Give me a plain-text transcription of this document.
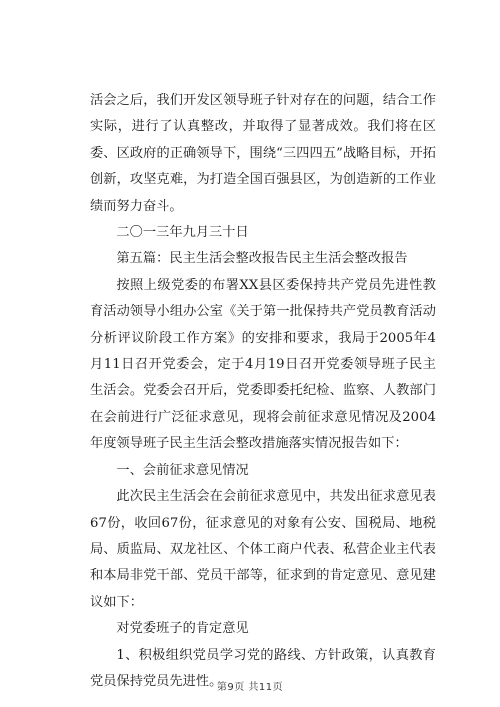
活会之后，我们开发区领导班子针对存在的问题，结合工作实际，进行了认真整改，并取得了显著成效。我们将在区委、区政府的正确领导下，围绕“三四四五”战略目标，开拓创新，攻坚克难，为打造全国百强县区，为创造新的工作业绩而努力奋斗。

二〇一三年九月三十日

第五篇：民主生活会整改报告民主生活会整改报告

按照上级党委的布署XX县区委保持共产党员先进性教育活动领导小组办公室《关于第一批保持共产党员教育活动分析评议阶段工作方案》的安排和要求，我局于2005年4月11日召开党委会，定于4月19日召开党委领导班子民主生活会。党委会召开后，党委即委托纪检、监察、人教部门在会前进行广泛征求意见，现将会前征求意见情况及2004年度领导班子民主生活会整改措施落实情况报告如下：

一、会前征求意见情况

此次民主生活会在会前征求意见中，共发出征求意见表67份，收回67份，征求意见的对象有公安、国税局、地税局、质监局、双龙社区、个体工商户代表、私营企业主代表和本局非党干部、党员干部等，征求到的肯定意见、意见建议如下：

对党委班子的肯定意见

1、积极组织党员学习党的路线、方针政策，认真教育党员保持党员先进性。

第9页 共11页
